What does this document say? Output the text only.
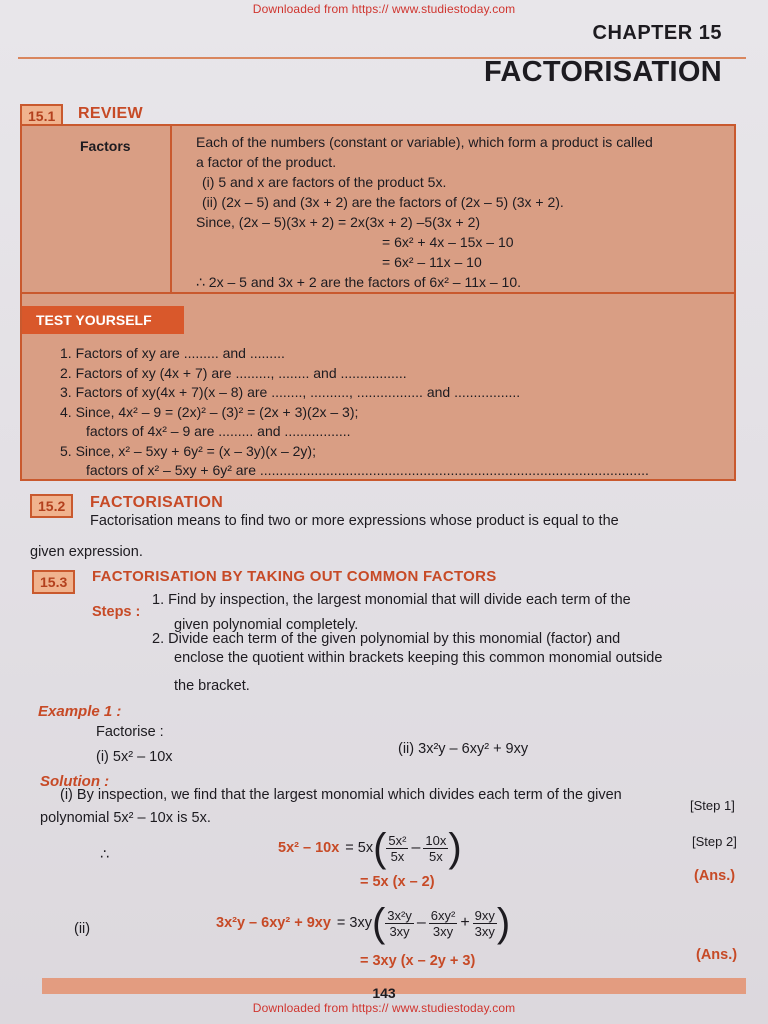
Downloaded from https:// www.studiestoday.com
CHAPTER 15
FACTORISATION
15.1	REVIEW
Factors	Each of the numbers (constant or variable), which form a product is called
a factor of the product.
(i) 5 and x are factors of the product 5x.
(ii) (2x – 5) and (3x + 2) are the factors of (2x – 5) (3x + 2).
Since, (2x – 5)(3x + 2) = 2x(3x + 2) –5(3x + 2)
= 6x² + 4x – 15x – 10
= 6x² – 11x – 10
∴ 2x – 5 and 3x + 2 are the factors of 6x² – 11x – 10.
TEST YOURSELF
1. Factors of xy are ......... and .........
2. Factors of xy (4x + 7) are ........., ........ and .................
3. Factors of xy(4x + 7)(x – 8) are ........, .........., ................. and .................
4. Since, 4x² – 9 = (2x)² – (3)² = (2x + 3)(2x – 3);
factors of 4x² – 9 are ......... and .................
5. Since, x² – 5xy + 6y² = (x – 3y)(x – 2y);
factors of x² – 5xy + 6y² are ....................................................................................................
15.2	FACTORISATION
Factorisation means to find two or more expressions whose product is equal to the
given expression.
15.3	FACTORISATION BY TAKING OUT COMMON FACTORS
Steps :
1. Find by inspection, the largest monomial that will divide each term of the
given polynomial completely.
2. Divide each term of the given polynomial by this monomial (factor) and
enclose the quotient within brackets keeping this common monomial outside
the bracket.
Example 1 :
Factorise :
(i) 5x² – 10x	(ii) 3x²y – 6xy² + 9xy
Solution :
(i) By inspection, we find that the largest monomial which divides each term of the given
polynomial 5x² – 10x is 5x.
[Step 1]
∴	5x² – 10x = 5x ( $\frac{\text{5x²}}{5x} - \frac{10x}{5x}$ )	[Step 2]
= 5x (x – 2)	(Ans.)
(ii)	3x²y – 6xy² + 9xy = 3xy ( $\frac{\text{3x²y}}{3xy} - \frac{\text{6xy²}}{3xy} + \frac{9xy}{3xy}$ )
= 3xy (x – 2y + 3)	(Ans.)
143
Downloaded from https:// www.studiestoday.com
